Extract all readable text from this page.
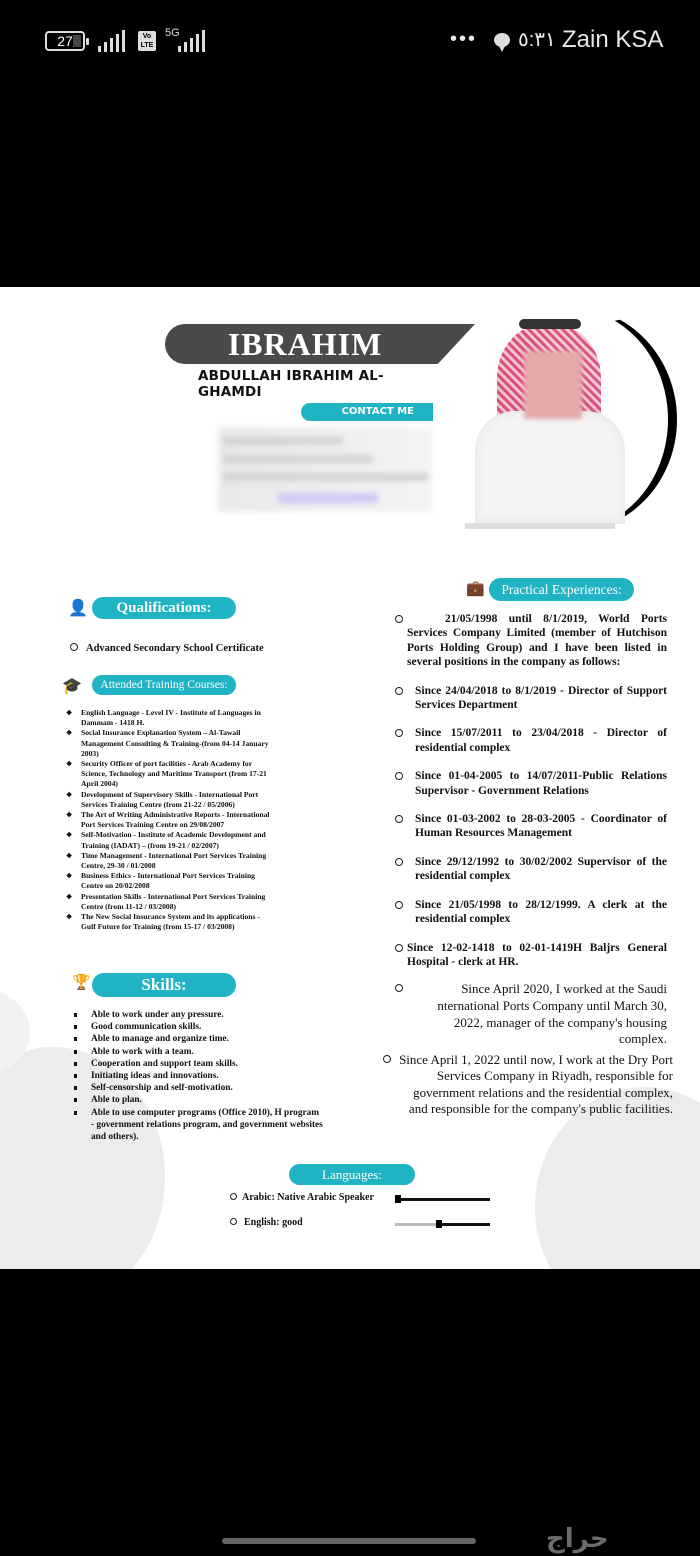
27	Vo LTE
5G	••• ٥:٣١ Zain KSA
IBRAHIM
ABDULLAH IBRAHIM AL-GHAMDI
CONTACT ME
👤	Qualifications:
Advanced Secondary School Certificate
🎓	Attended Training Courses:
❖ English Language - Level IV - Institute of Languages in Dammam - 1418 H.
❖ Social Insurance Explanation System – Al-Tawail Management Consulting & Training-(from 04-14 January 2003)
❖ Security Officer of port facilities - Arab Academy for Science, Technology and Maritime Transport (from 17-21 April 2004)
❖ Development of Supervisory Skills - International Port Services Training Centre (from 21-22 / 05/2006)
❖ The Art of Writing Administrative Reports - International Port Services Training Centre on 29/08/2007
❖ Self-Motivation - Institute of Academic Development and Training (IADAT) – (from 19-21 / 02/2007)
❖ Time Management - International Port Services Training Centre, 29-30 / 01/2008
❖ Business Ethics - International Port Services Training Centre on 20/02/2008
❖ Presentation Skills - International Port Services Training Centre (from 11-12 / 03/2008)
❖ The New Social Insurance System and its applications - Gulf Future for Training (from 15-17 / 03/2008)
🏆	Skills:
Able to work under any pressure.
Good communication skills.
Able to manage and organize time.
Able to work with a team.
Cooperation and support team skills.
Initiating ideas and innovations.
Self-censorship and self-motivation.
Able to plan.
Able to use computer programs (Office 2010), H program - government relations program, and government websites and others).
Languages:
Arabic: Native Arabic Speaker
English: good
💼	Practical Experiences:
21/05/1998 until 8/1/2019, World Ports Services Company Limited (member of Hutchison Ports Holding Group) and I have been listed in several positions in the company as follows:
Since 24/04/2018 to 8/1/2019 - Director of Support Services Department
Since 15/07/2011 to 23/04/2018 - Director of residential complex
Since 01-04-2005 to 14/07/2011-Public Relations Supervisor - Government Relations
Since 01-03-2002 to 28-03-2005 - Coordinator of Human Resources Management
Since 29/12/1992 to 30/02/2002 Supervisor of the residential complex
Since 21/05/1998 to 28/12/1999. A clerk at the residential complex
Since 12-02-1418 to 02-01-1419H Baljrs General Hospital - clerk at HR.
Since April 2020, I worked at the Saudi nternational Ports Company until March 30, 2022, manager of the company's housing complex.
Since April 1, 2022 until now, I work at the Dry Port Services Company in Riyadh, responsible for government relations and the residential complex, and responsible for the company's public facilities.
حراج
